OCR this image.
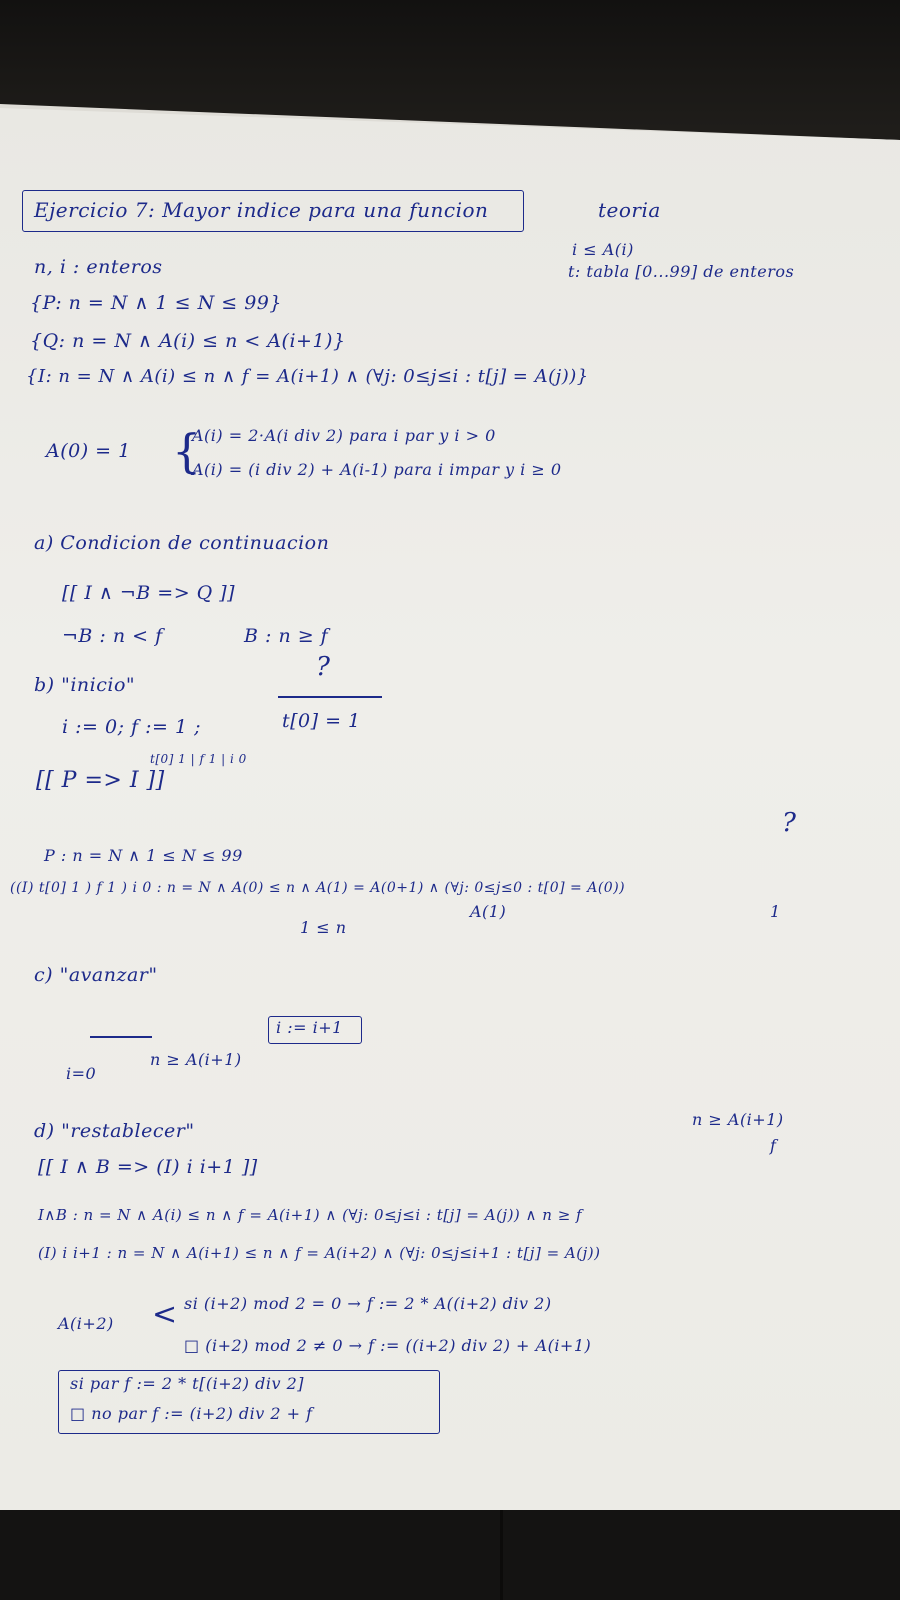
Ejercicio 7: Mayor indice para una funcion	teoria
i ≤ A(i)
t: tabla [0...99] de enteros
n, i : enteros
{P: n = N ∧ 1 ≤ N ≤ 99}
{Q: n = N ∧ A(i) ≤ n < A(i+1)}
{I: n = N ∧ A(i) ≤ n ∧ f = A(i+1) ∧ (∀j: 0≤j≤i : t[j] = A(j))}
A(0) = 1 {
A(i) = 2·A(i div 2) para i par y i > 0
A(i) = (i div 2) + A(i-1) para i impar y i ≥ 0
a) Condicion de continuacion
[[ I ∧ ¬B => Q ]]
¬B : n < f	B : n ≥ f
?
b) "inicio"
i := 0; f := 1 ;	t[0] = 1
[[ P => I ]]
t[0] 1 | f 1 | i 0
?
P : n = N ∧ 1 ≤ N ≤ 99
((I) t[0] 1 ) f 1 ) i 0 : n = N ∧ A(0) ≤ n ∧ A(1) = A(0+1) ∧ (∀j: 0≤j≤0 : t[0] = A(0))
1 ≤ n
A(1)	1
c) "avanzar"
i := i+1
i=0
n ≥ A(i+1)
d) "restablecer"
n ≥ A(i+1)
f
[[ I ∧ B => (I) i i+1 ]]
I∧B : n = N ∧ A(i) ≤ n ∧ f = A(i+1) ∧ (∀j: 0≤j≤i : t[j] = A(j)) ∧ n ≥ f
(I) i i+1 : n = N ∧ A(i+1) ≤ n ∧ f = A(i+2) ∧ (∀j: 0≤j≤i+1 : t[j] = A(j))
A(i+2) < si (i+2) mod 2 = 0 → f := 2 * A((i+2) div 2)
□ (i+2) mod 2 ≠ 0 → f := ((i+2) div 2) + A(i+1)
si par f := 2 * t[(i+2) div 2]
□ no par f := (i+2) div 2 + f
